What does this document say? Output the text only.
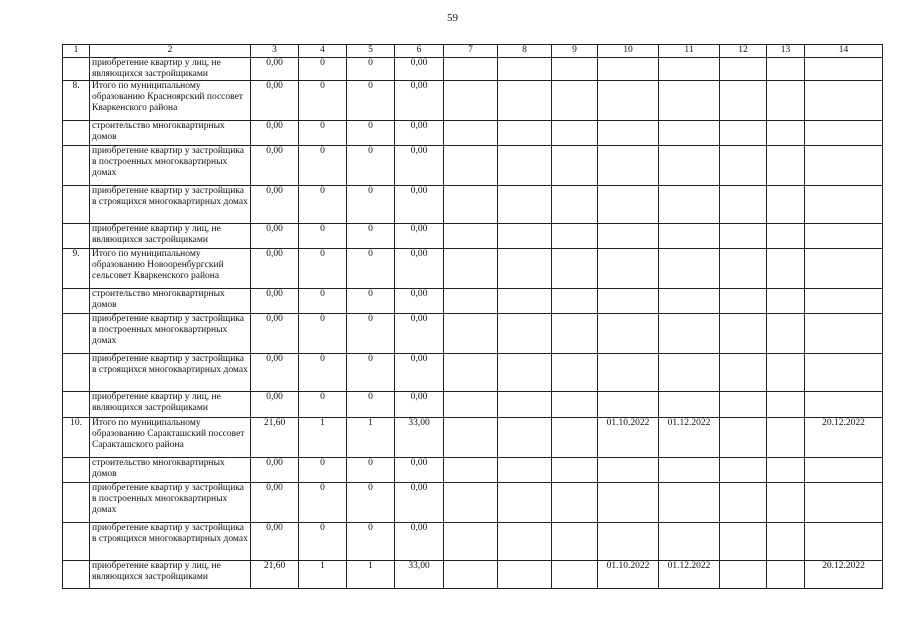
59
1	2	3	4	5	6	7	8	9	10	11	12	13	14
	приобретение квартир у лиц, не являющихся застройщиками	0,00	0	0	0,00								
8.	Итого по муниципальному образованию Красноярский поссовет Кваркенского района	0,00	0	0	0,00								
	строительство многоквартирных домов	0,00	0	0	0,00								
	приобретение квартир у застройщика в построенных многоквартирных домах	0,00	0	0	0,00								
	приобретение квартир у застройщика в строящихся многоквартирных домах	0,00	0	0	0,00								
	приобретение квартир у лиц, не являющихся застройщиками	0,00	0	0	0,00								
9.	Итого по муниципальному образованию Новооренбургский сельсовет Кваркенского района	0,00	0	0	0,00								
	строительство многоквартирных домов	0,00	0	0	0,00								
	приобретение квартир у застройщика в построенных многоквартирных домах	0,00	0	0	0,00								
	приобретение квартир у застройщика в строящихся многоквартирных домах	0,00	0	0	0,00								
	приобретение квартир у лиц, не являющихся застройщиками	0,00	0	0	0,00								
10.	Итого по муниципальному образованию Саракташский поссовет Саракташского района	21,60	1	1	33,00				01.10.2022	01.12.2022			20.12.2022
	строительство многоквартирных домов	0,00	0	0	0,00								
	приобретение квартир у застройщика в построенных многоквартирных домах	0,00	0	0	0,00								
	приобретение квартир у застройщика в строящихся многоквартирных домах	0,00	0	0	0,00								
	приобретение квартир у лиц, не являющихся застройщиками	21,60	1	1	33,00				01.10.2022	01.12.2022			20.12.2022
